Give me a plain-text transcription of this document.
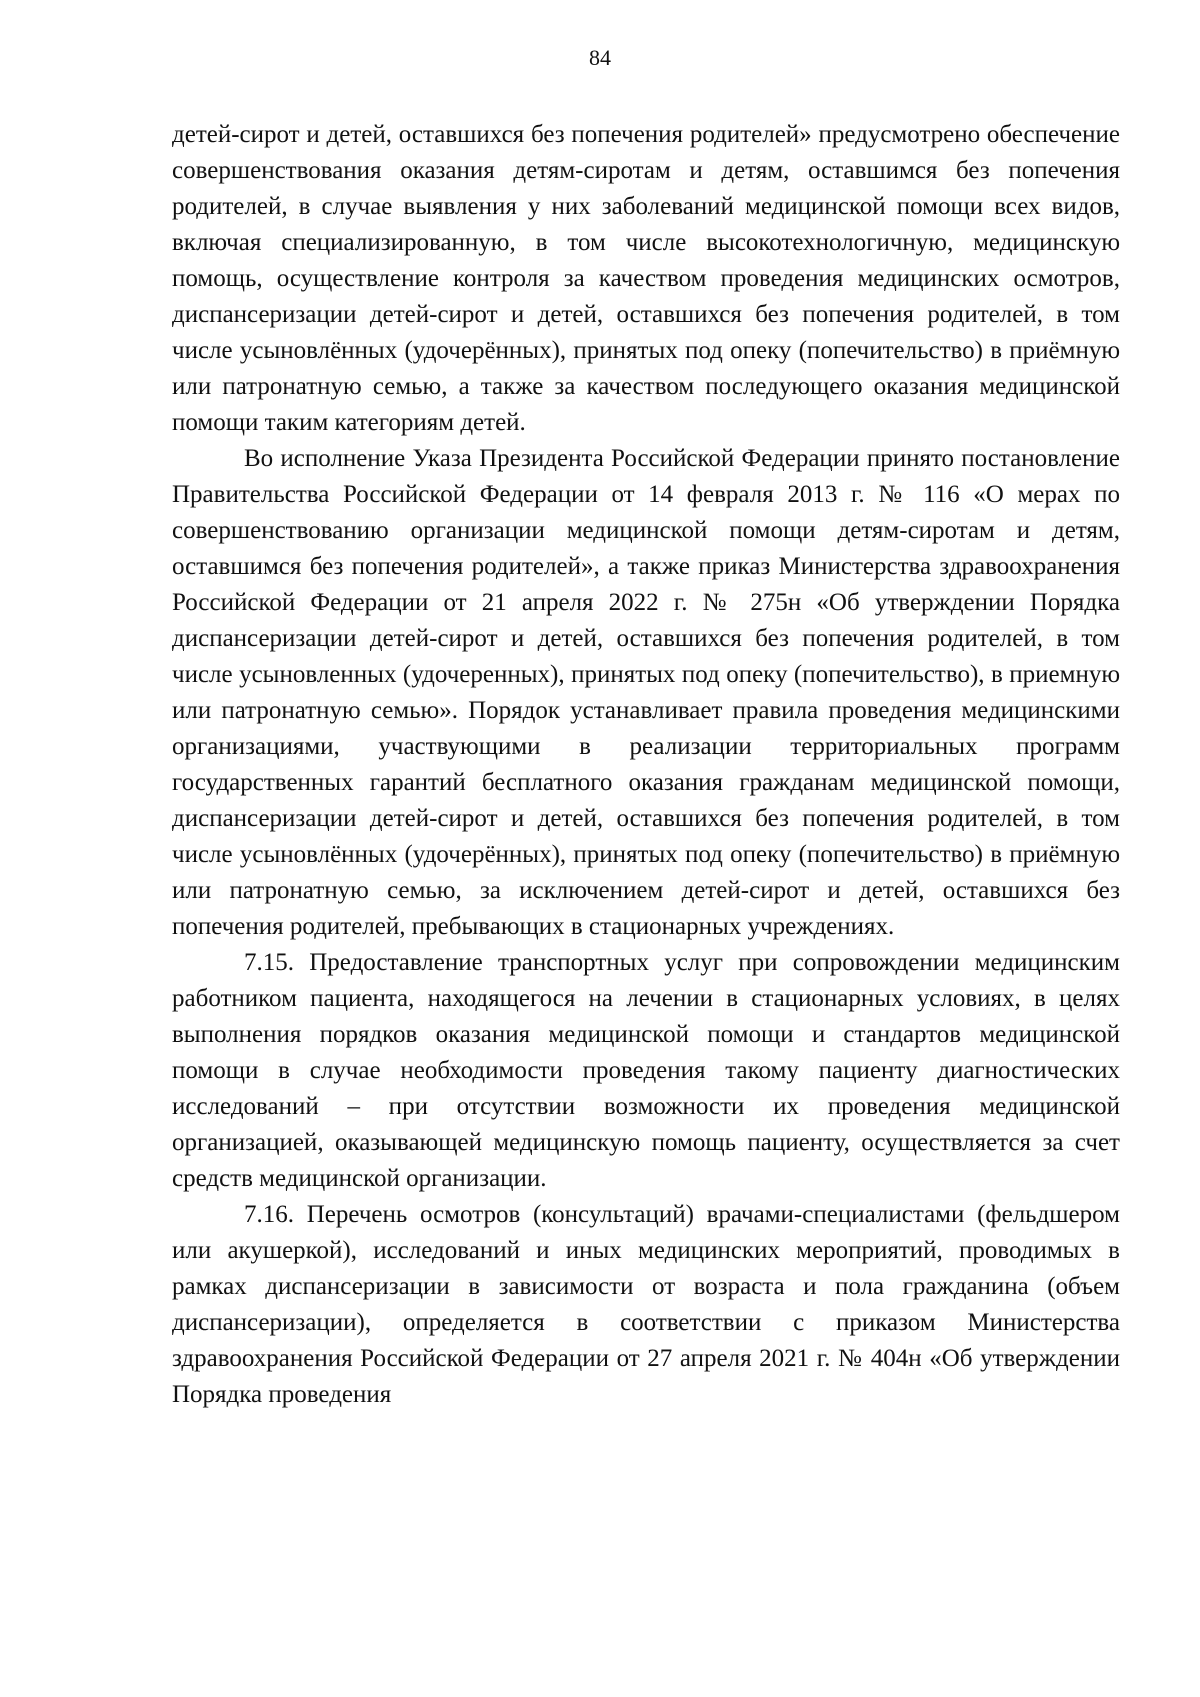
84

детей-сирот и детей, оставшихся без попечения родителей» предусмотрено обеспечение совершенствования оказания детям-сиротам и детям, оставшимся без попечения родителей, в случае выявления у них заболеваний медицинской помощи всех видов, включая специализированную, в том числе высокотехнологичную, медицинскую помощь, осуществление контроля за качеством проведения медицинских осмотров, диспансеризации детей-сирот и детей, оставшихся без попечения родителей, в том числе усыновлённых (удочерённых), принятых под опеку (попечительство) в приёмную или патронатную семью, а также за качеством последующего оказания медицинской помощи таким категориям детей.

Во исполнение Указа Президента Российской Федерации принято постановление Правительства Российской Федерации от 14 февраля 2013 г. № 116 «О мерах по совершенствованию организации медицинской помощи детям-сиротам и детям, оставшимся без попечения родителей», а также приказ Министерства здравоохранения Российской Федерации от 21 апреля 2022 г. № 275н «Об утверждении Порядка диспансеризации детей-сирот и детей, оставшихся без попечения родителей, в том числе усыновленных (удочеренных), принятых под опеку (попечительство), в приемную или патронатную семью». Порядок устанавливает правила проведения медицинскими организациями, участвующими в реализации территориальных программ государственных гарантий бесплатного оказания гражданам медицинской помощи, диспансеризации детей-сирот и детей, оставшихся без попечения родителей, в том числе усыновлённых (удочерённых), принятых под опеку (попечительство) в приёмную или патронатную семью, за исключением детей-сирот и детей, оставшихся без попечения родителей, пребывающих в стационарных учреждениях.

7.15. Предоставление транспортных услуг при сопровождении медицинским работником пациента, находящегося на лечении в стационарных условиях, в целях выполнения порядков оказания медицинской помощи и стандартов медицинской помощи в случае необходимости проведения такому пациенту диагностических исследований – при отсутствии возможности их проведения медицинской организацией, оказывающей медицинскую помощь пациенту, осуществляется за счет средств медицинской организации.

7.16. Перечень осмотров (консультаций) врачами-специалистами (фельдшером или акушеркой), исследований и иных медицинских мероприятий, проводимых в рамках диспансеризации в зависимости от возраста и пола гражданина (объем диспансеризации), определяется в соответствии с приказом Министерства здравоохранения Российской Федерации от 27 апреля 2021 г. № 404н «Об утверждении Порядка проведения
